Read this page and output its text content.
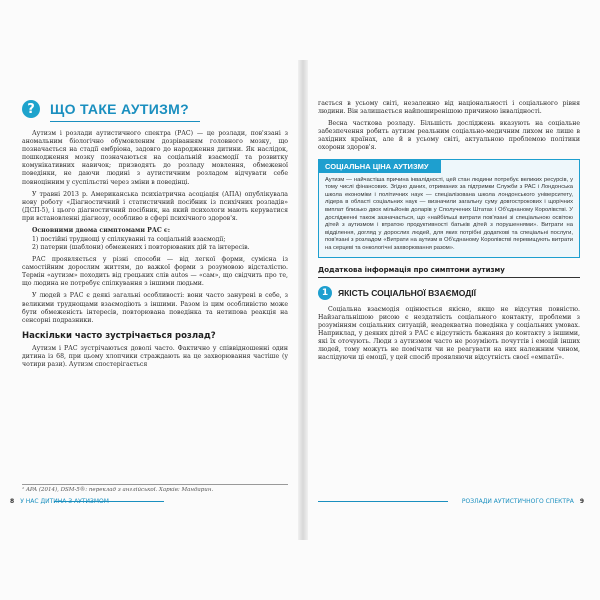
?	ЩО ТАКЕ АУТИЗМ?

Аутизм і розлади аутистичного спектра (РАС) — це розлади, пов'язані з аномальним біологічно обумовленим дозріванням головного мозку, що позначається на стадії ембріона, задовго до народження дитини. Як наслідок, пошкодження мозку позначаються на соціальній взаємодії та розвитку комунікативних навичок; призводять до розладу мовлення, обмеженої поведінки, не даючи людині з аутистичним розладом відчувати себе повноцінним у суспільстві через зміни в поведінці.

У травні 2013 р. Американська психіатрична асоціація (АПА) опублікувала нову роботу «Діагностичний і статистичний посібник із психічних розладів» (ДСП-5), і цього діагностичний посібник, на який психологи мають керуватися при встановленні діагнозу, особливо в сфері психічного здоров'я.

Основними двома симптомами РАС є:
1) постійні труднощі у спілкуванні та соціальній взаємодії;
2) патерни (шаблони) обмежених і повторюваних дій та інтересів.

РАС проявляється у різні способи — від легкої форми, сумісна із самостійним дорослим життям, до важкої форми з розумовою відсталістю. Термін «аутизм» походить від грецьких слів autos — «сам», що свідчить про те, що людина не потребує спілкування з іншими людьми.

У людей з РАС є деякі загальні особливості: вони часто занурені в себе, з великими труднощами взаємодіють з іншими. Разом із цим особливістю може бути обмеженість інтересів, повторювана поведінка та нетипова реакція на сенсорні подразники.

Наскільки часто зустрічається розлад?

Аутизм і РАС зустрічаються доволі часто. Фактично у співвідношенні один дитина із 68, при цьому хлопчики страждають на це захворювання частіше (у чотири рази). Аутизм спостерігається

¹ APA (2014), DSM-5®: переклад з англійської. Харків: Мандарин.
8 У НАС ДИТИНА З АУТИЗМОМ

гається в усьому світі, незалежно від національності і соціального рівня людини. Він залишається найпоширенішою причиною інвалідності.

Весна часткова розладу. Більшість досліджень вказують на соціальне забезпечення робить аутизм реальним соціально-медичним лихом не лише в західних країнах, але й в усьому світі, актуальною проблемою політики охорони здоров'я.

СОЦІАЛЬНА ЦІНА АУТИЗМУ
Аутизм — найчастіша причина інвалідності, цей стан людини потребує великих ресурсів, у тому числі фінансових. Згідно даних, отриманих за підтримки Служби з РАС і Лондонська школа економіки і політичних наук — спеціалізована школа лондонського університету, лідера в області соціальних наук — визначили загальну суму довгострокових і щорічних виплат близько двох мільйонів доларів у Сполучених Штатах і Об'єднаному Королівстві. У дослідженні також зазначається, що «найбільші витрати пов'язані зі спеціальною освітою дітей з аутизмом і втратою продуктивності батьків дітей з порушеннями». Витрати на відділення, догляд у дорослих людей, для яких потрібні додаткові та спеціальні послуги, пов'язані з розладом «Витрати на аутизм в Об'єднаному Королівстві перевищують витрати на серцеві та онкологічні захворювання разом».
Додаткова інформація про симптоми аутизму
1	ЯКІСТЬ СОЦІАЛЬНОЇ ВЗАЄМОДІЇ

Соціальна взаємодія оцінюється якісно, якщо не відсутня повністю. Найзагальнішою рисою є нездатність соціального контакту, проблеми з розумінням соціальних ситуацій, неадекватна поведінка у соціальних умовах. Наприклад, у деяких дітей з РАС є відсутність бажання до контакту з іншими, які їх оточують. Люди з аутизмом часто не розуміють почуттів і емоцій інших людей, тому можуть не помічати чи не реагувати на них належним чином, наслідуючи ці емоції, у цей спосіб проявляючи відсутність своєї «емпатії».

РОЗЛАДИ АУТИСТИЧНОГО СПЕКТРА 9
